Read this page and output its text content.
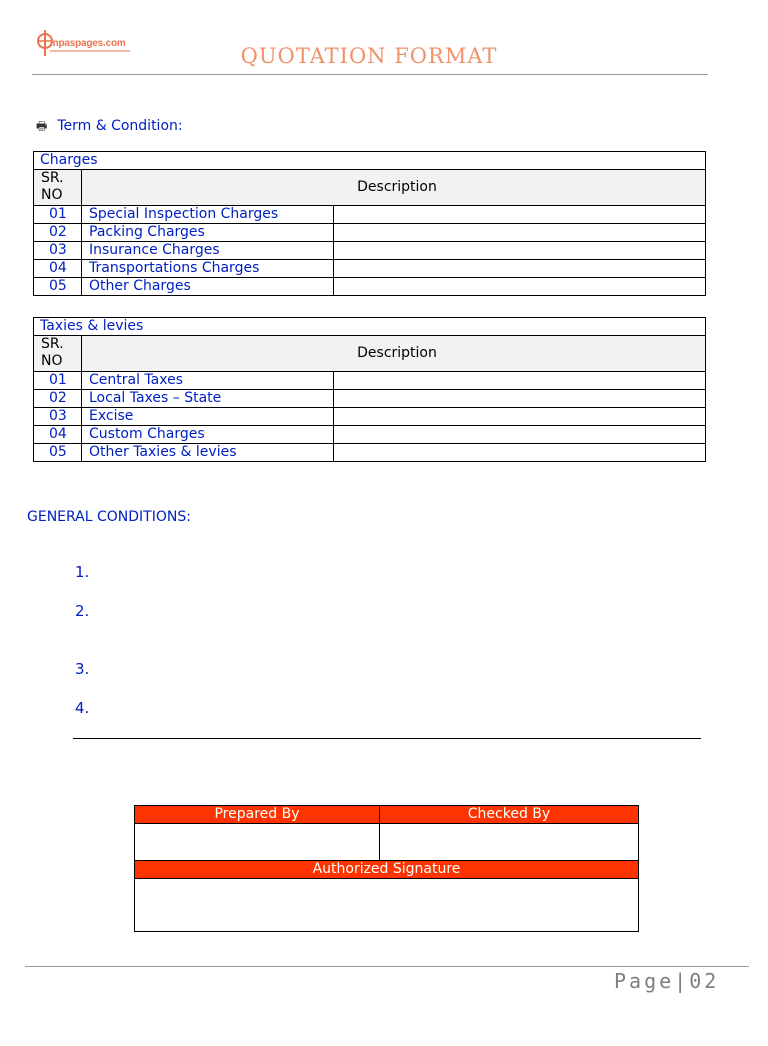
inpaspages.com
QUOTATION FORMAT
🖶 Term & Condition:
Charges		

SR.
NO	Description	
01	Special Inspection Charges	
02	Packing Charges	
03	Insurance Charges	
04	Transportations Charges	
05	Other Charges	
Taxies & levies		

SR.
NO	Description	
01	Central Taxes	
02	Local Taxes – State	
03	Excise	
04	Custom Charges	
05	Other Taxies & levies	
GENERAL CONDITIONS:
1.
2.
3.
4.
Prepared By	Checked By

Authorized Signature	

Page|02
